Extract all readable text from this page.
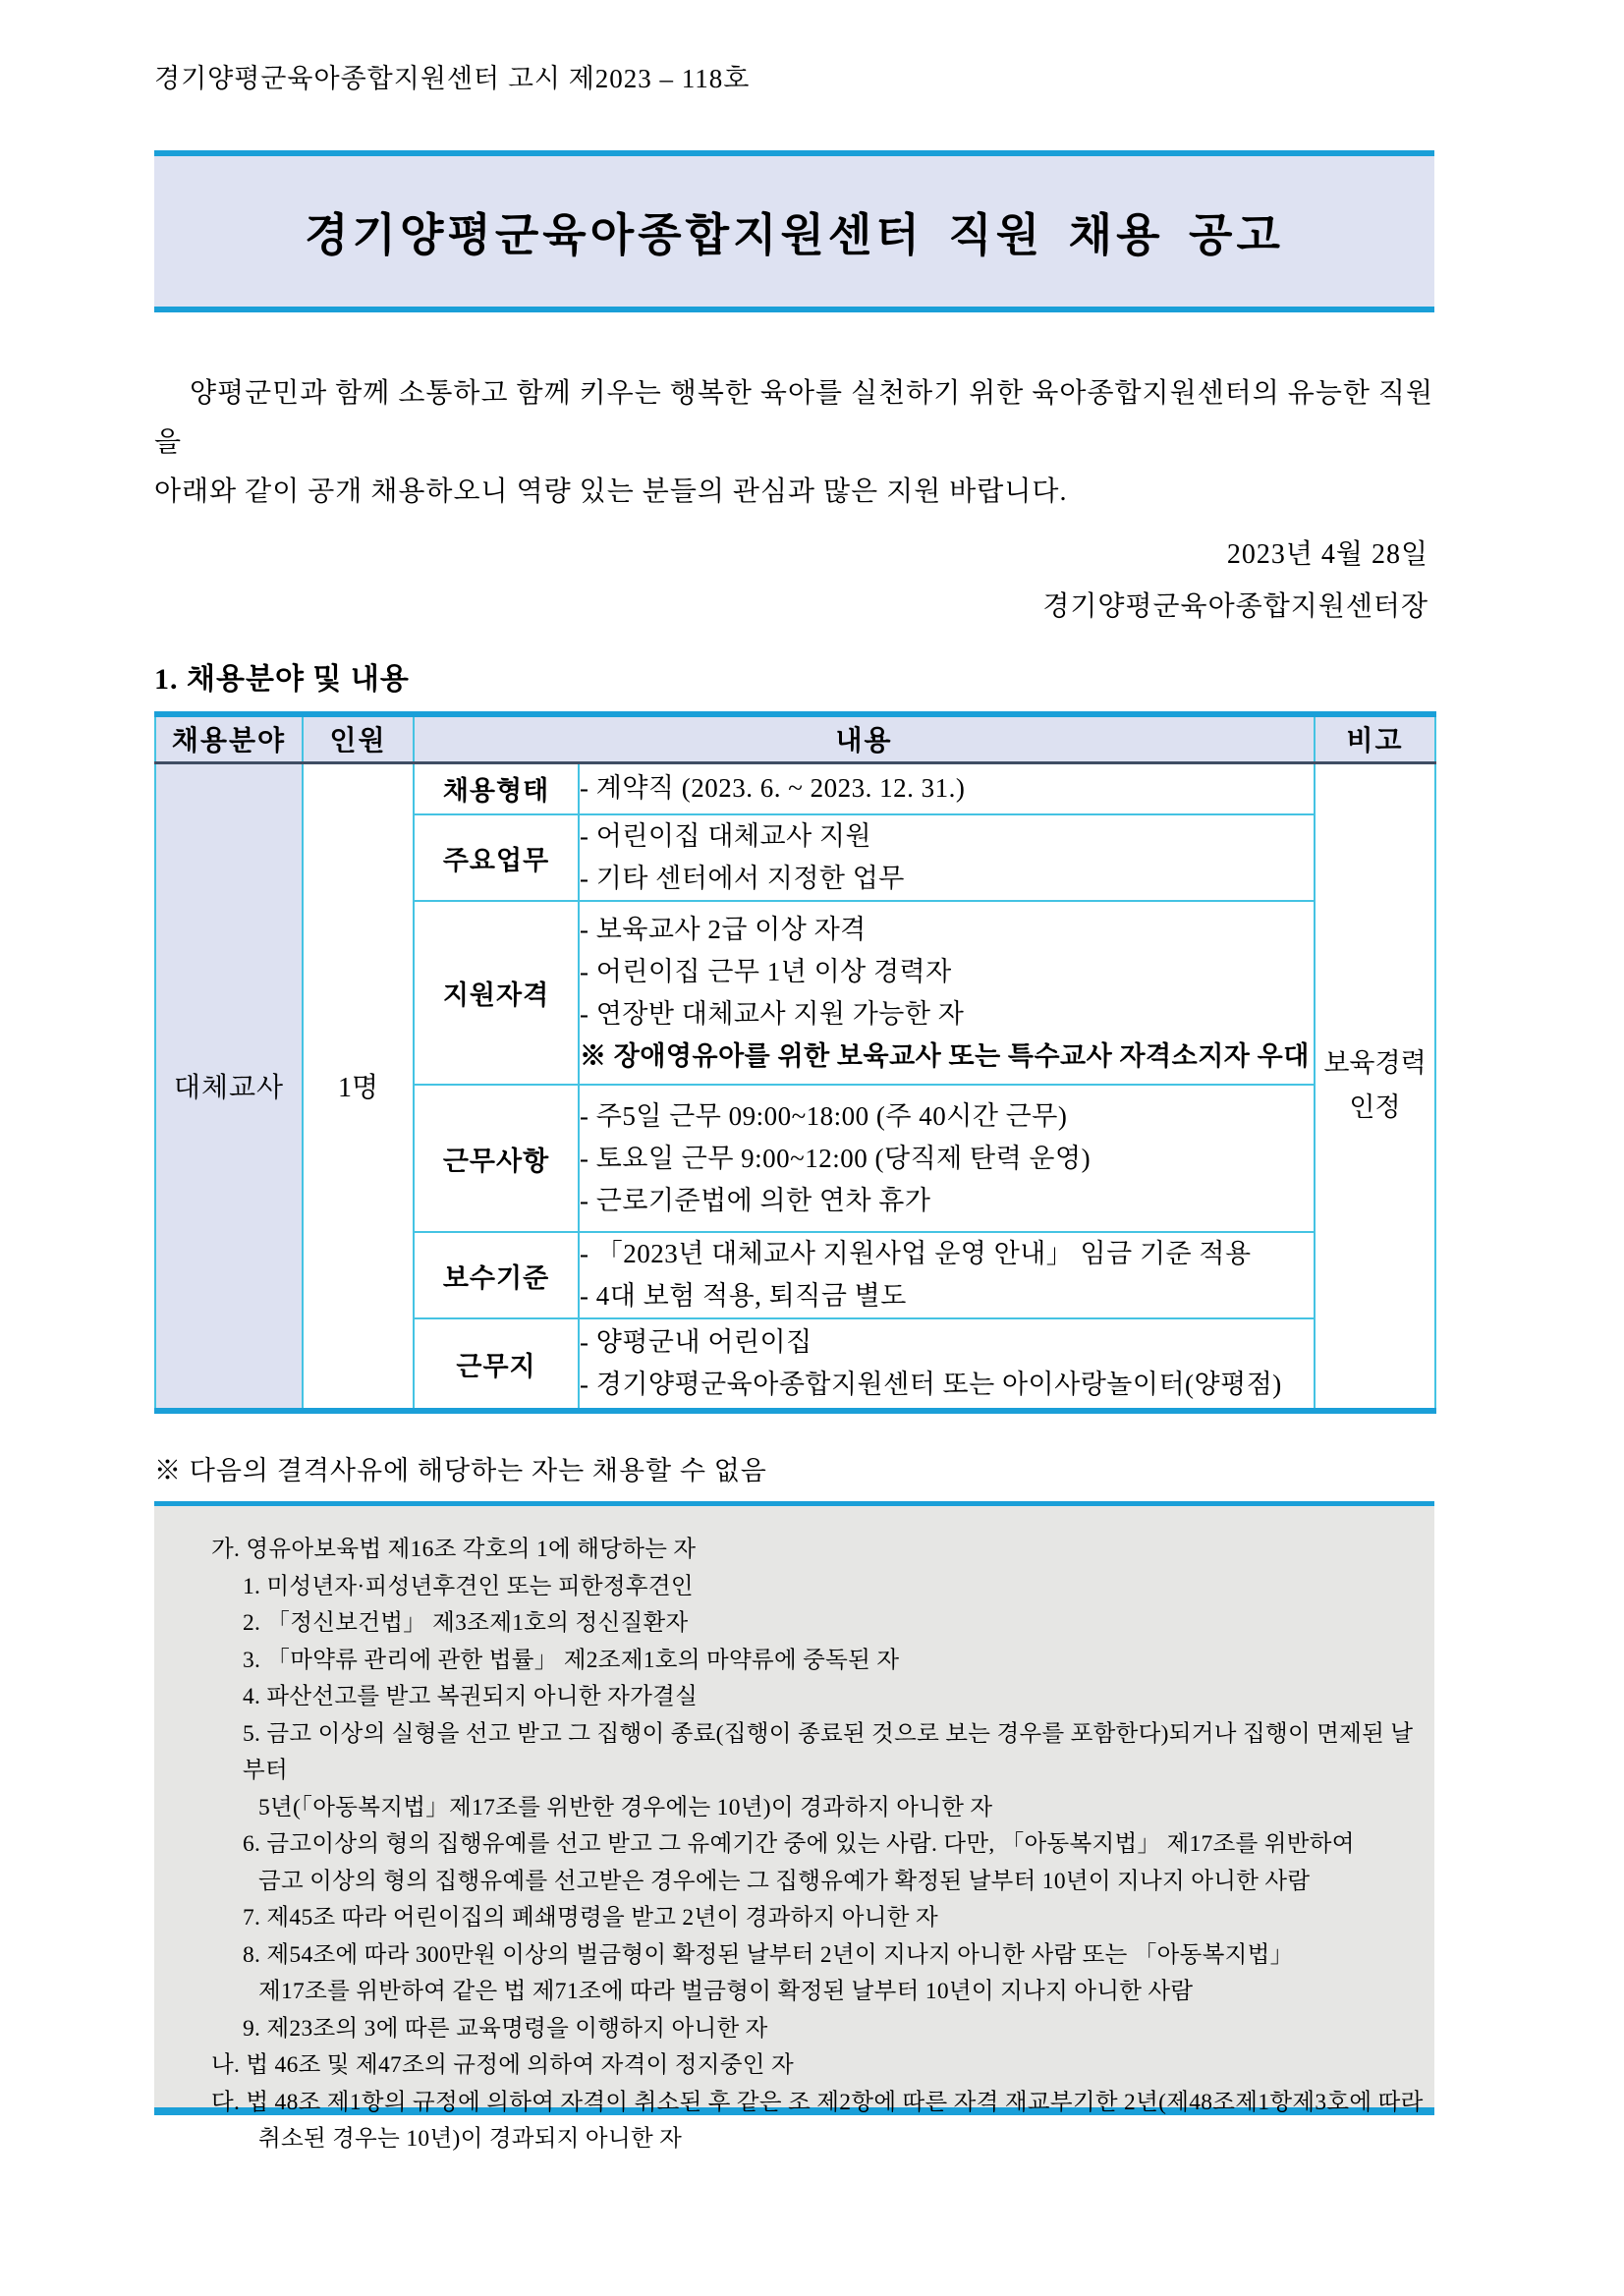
경기양평군육아종합지원센터 고시 제2023 – 118호
경기양평군육아종합지원센터 직원 채용 공고
양평군민과 함께 소통하고 함께 키우는 행복한 육아를 실천하기 위한 육아종합지원센터의 유능한 직원을
아래와 같이 공개 채용하오니 역량 있는 분들의 관심과 많은 지원 바랍니다.
2023년 4월 28일
경기양평군육아종합지원센터장
1. 채용분야 및 내용
채용분야	인원	내용		비고
대체교사	1명	채용형태	- 계약직 (2023. 6. ~ 2023. 12. 31.)	보육경력
인정

		주요업무	- 어린이집 대체교사 지원
- 기타 센터에서 지정한 업무	

		지원자격	- 보육교사 2급 이상 자격
- 어린이집 근무 1년 이상 경력자
- 연장반 대체교사 지원 가능한 자
※ 장애영유아를 위한 보육교사 또는 특수교사 자격소지자 우대	

		근무사항	- 주5일 근무 09:00~18:00 (주 40시간 근무)
- 토요일 근무 9:00~12:00 (당직제 탄력 운영)
- 근로기준법에 의한 연차 휴가	

		보수기준	- 「2023년 대체교사 지원사업 운영 안내」 임금 기준 적용
- 4대 보험 적용, 퇴직금 별도	

		근무지	- 양평군내 어린이집
- 경기양평군육아종합지원센터 또는 아이사랑놀이터(양평점)	
※ 다음의 결격사유에 해당하는 자는 채용할 수 없음
가. 영유아보육법 제16조 각호의 1에 해당하는 자
1. 미성년자·피성년후견인 또는 피한정후견인
2. 「정신보건법」 제3조제1호의 정신질환자
3. 「마약류 관리에 관한 법률」 제2조제1호의 마약류에 중독된 자
4. 파산선고를 받고 복권되지 아니한 자가결실
5. 금고 이상의 실형을 선고 받고 그 집행이 종료(집행이 종료된 것으로 보는 경우를 포함한다)되거나 집행이 면제된 날부터
5년(「아동복지법」제17조를 위반한 경우에는 10년)이 경과하지 아니한 자
6. 금고이상의 형의 집행유예를 선고 받고 그 유예기간 중에 있는 사람. 다만, 「아동복지법」 제17조를 위반하여
금고 이상의 형의 집행유예를 선고받은 경우에는 그 집행유예가 확정된 날부터 10년이 지나지 아니한 사람
7. 제45조 따라 어린이집의 폐쇄명령을 받고 2년이 경과하지 아니한 자
8. 제54조에 따라 300만원 이상의 벌금형이 확정된 날부터 2년이 지나지 아니한 사람 또는 「아동복지법」
제17조를 위반하여 같은 법 제71조에 따라 벌금형이 확정된 날부터 10년이 지나지 아니한 사람
9. 제23조의 3에 따른 교육명령을 이행하지 아니한 자
나. 법 46조 및 제47조의 규정에 의하여 자격이 정지중인 자
다. 법 48조 제1항의 규정에 의하여 자격이 취소된 후 같은 조 제2항에 따른 자격 재교부기한 2년(제48조제1항제3호에 따라
취소된 경우는 10년)이 경과되지 아니한 자
